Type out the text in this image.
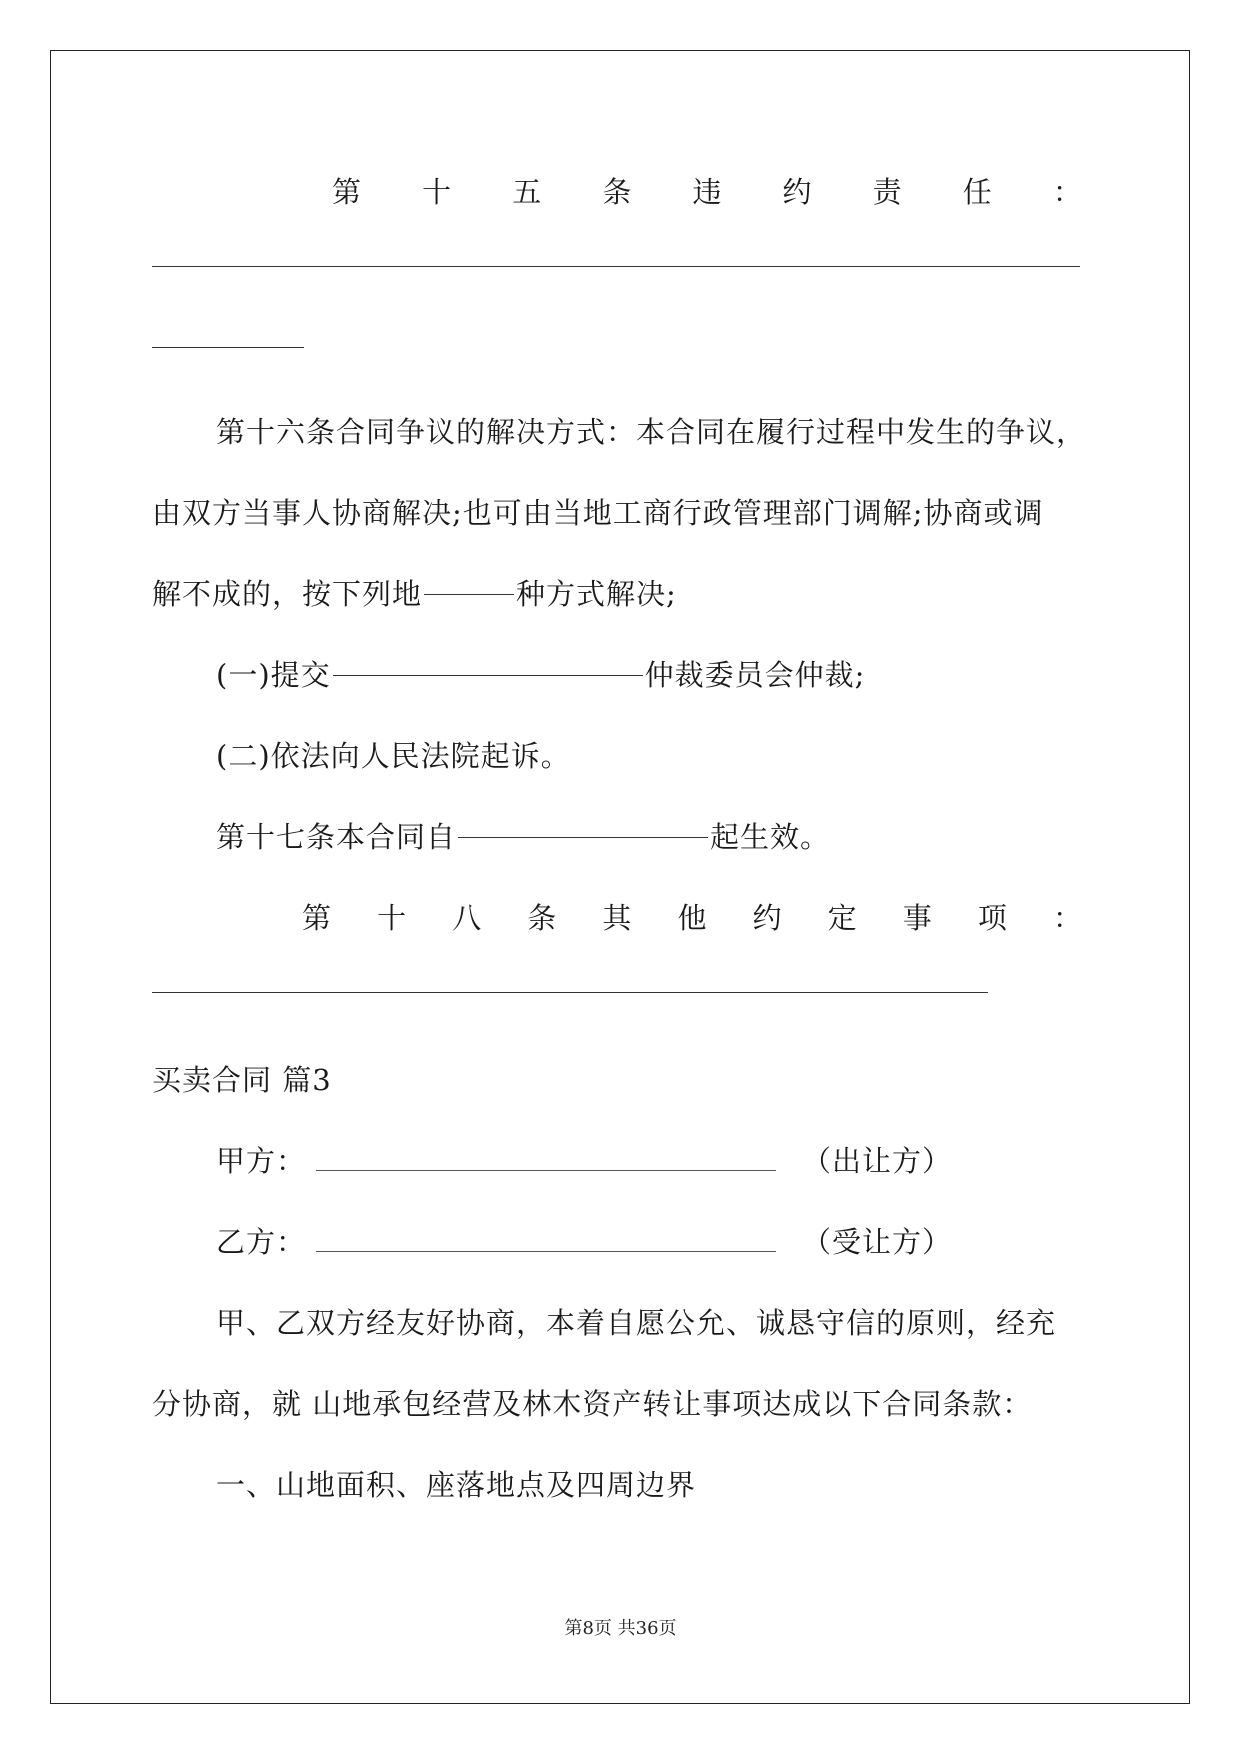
第 十 五 条 违 约 责 任 ：
第十六条合同争议的解决方式：本合同在履行过程中发生的争议，
由双方当事人协商解决;也可由当地工商行政管理部门调解;协商或调
解不成的，按下列地	种方式解决;
(一)提交	仲裁委员会仲裁;
(二)依法向人民法院起诉。
第十七条本合同自	起生效。
第 十 八 条 其 他 约 定 事 项 ：
买卖合同 篇3
甲方：	（出让方）
乙方：	（受让方）
甲、乙双方经友好协商，本着自愿公允、诚恳守信的原则，经充
分协商，就 山地承包经营及林木资产转让事项达成以下合同条款：
一、山地面积、座落地点及四周边界
第8页 共36页
